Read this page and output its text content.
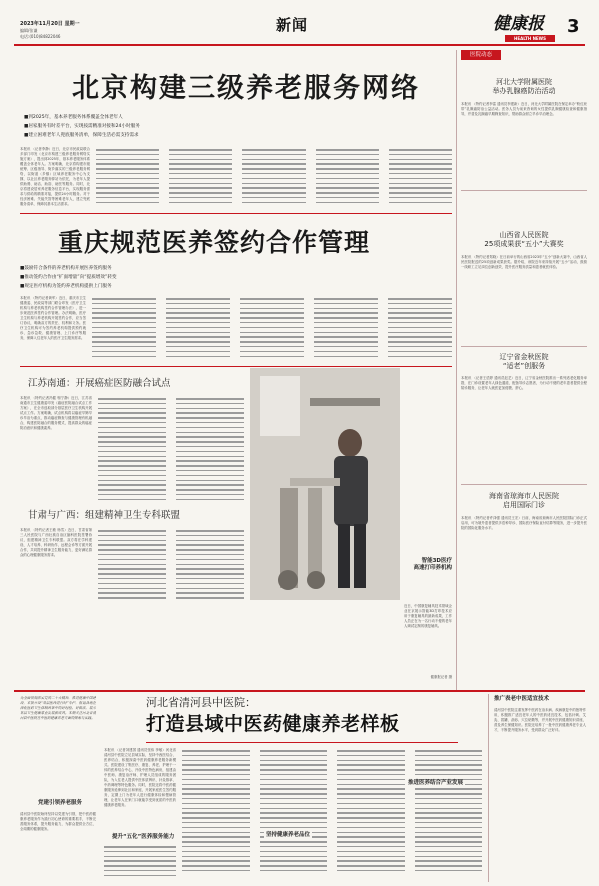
2023年11月20日 星期一
编辑/张谦
电话:(010)84822046
新闻	健康报
HEALTH NEWS
3
北京构建三级养老服务网络
■到2025年，基本养老服务体系覆盖全体老年人
■居家服务有时差平台，实现按需精准对接和24小时服务
■建立困难老年人兜底服务清单，保障生活必需支持需求
本报讯 （记者李静）近日，北京市民政局联合多部门印发《北京市构建三级养老服务网络实施方案》，提出到2025年，基本养老服务体系覆盖全体老年人。方案明确，北京将构建市级统筹、区级指导、街乡落实的三级养老服务网络，以街道（乡镇）区域养老服务中心为支撑，以社区养老服务驿站为依托，为老年人提供助餐、助洁、助浴、助医等服务。同时，北京将建设居家养老服务信息平台，实现服务需求与供给的精准对接，提供24小时服务。对于经济困难、失能失智等困难老年人，建立兜底服务清单，保障其基本生活需求。
重庆规范医养签约合作管理
■鼓励符合条件的养老机构开展医养签约服务
■推动签约合作由“扩面增量”向“提质增效”转变
■规定医疗机构为签约养老机构提供上门服务
本报讯 （特约记者黄军）近日，重庆市卫生健康委、民政局等部门联合印发《医疗卫生机构与养老机构签约合作管理办法》，进一步规范医养签约合作管理。办法明确，医疗卫生机构与养老机构开展签约合作，应当签订协议，明确双方的责任、权利和义务。医疗卫生机构可为签约养老机构提供预约就诊、急诊急救、健康管理、上门诊疗等服务，保障入住老年人的医疗卫生服务需求。
江苏南通：开展癌症医防融合试点
本报讯 （特约记者冯健 驹宁静）近日，江苏省南通市卫生健康委印发《癌症医防融合试点工作方案》，在全市选取部分基层医疗卫生机构开展试点工作。方案明确，试点机构将以癌症早筛早诊早治为重点，推动癌症筛查与健康管理有机融合，构建医防融合的服务模式，提高群众的癌症防治意识和健康素养。
甘肃与广西：组建精神卫生专科联盟
本报讯 （特约记者王敏 杨雪）近日，甘肃省第三人民医院与广西壮族自治区脑科医院签署协议，组建精神卫生专科联盟。双方将在学科建设、人才培养、科研协作、远程会诊等方面开展合作，共同提升精神卫生服务能力，更好满足群众的心理健康服务需求。
智能3D医疗
高速打印养机构
近日，中国康复辅具技术领域企业在京展示智能3D打印技术应用于康复辅具的最新成果，工作人员正在为一名行动不便的老年人调试定制的康复辅具。
健康报记者 摄
医院动态
河北大学附属医院
举办乳腺癌防治活动
本报讯 （特约记者李雷 通讯员李建新）近日，河北大学附属医院在保定举办“粉红丝带”乳腺癌防治公益活动。医务人员为前来咨询的女性提供乳腺健康检查和健康指导，并普及乳腺癌早期筛查知识，帮助群众树立早诊早治理念。
山西省人民医院
25项成果获“五小”大赛奖
本报讯 （特约记者郑晓）在日前举行的山西省2023年“五小”创新大赛中，山西省人民医院报送的25项创新成果获奖。据介绍，该院近年来持续开展“五小”活动，鼓励一线职工立足岗位创新创效，提升医疗服务质量和患者就医体验。
辽宁省金秋医院
“适老”创服务
本报讯 （记者王语婷 通讯员赵艺）近日，辽宁省金秋医院推出一系列适老化服务举措，在门诊设置老年人绿色通道，配备导诊志愿者，为行动不便的老年患者提供全程陪诊服务，让老年人就医更加便捷、舒心。
海南省琼海市人民医院
启用国际门诊
本报讯 （特约记者许泽强 通讯员王宏）日前，海南省琼海市人民医院国际门诊正式启用，可为境外患者提供多语种导诊、国际医疗保险直付结算等服务，进一步提升医院的国际化服务水平。
为全面贯彻落实党的二十大精神，推进健康中国建设，本报开设“基层医改进行时”专栏，报道各地在深化医药卫生体制改革中的好经验、好做法，展示基层卫生健康事业发展新成效。本期关注河北省清河县中医院在中医药健康养老方面的探索与实践。
党建引领养老服务
清河县中医院始终坚持以党建为引领，把中医药健康养老服务作为践行初心使命的重要抓手，不断完善服务体系，提升服务能力，为群众提供全方位、全周期的健康服务。
河北省清河县中医院：
打造县域中医药健康养老样板
本报讯 （记者刘建国 通讯员张伟 李敏）河北省清河县中医院立足县域实际，坚持中西医结合、医养结合，积极探索中医药健康养老服务新模式。医院建设了集医疗、康复、养老、护理于一体的医养结合中心，开设中医特色病房，组建由中医师、康复治疗师、护理人员组成的服务团队，为入住老人提供中医体质辨识、针灸推拿、中药调理等特色服务。同时，医院还将中医药健康服务延伸到社区和家庭，开展家庭医生签约服务，定期上门为老年人进行健康体检和慢病管理，让老年人在家门口就能享受到优质的中医药健康养老服务。
提升“五化”医养服务能力	坚持健康养老品位
推进医养结合产业发展
推广表老中医适宜技术
清河县中医院注重发挥中医药在治未病、疾病康复中的独特作用，积极推广适宜老年人的中医药适宜技术，包括针刺、艾灸、拔罐、刮痧、穴位贴敷等，并开展中医药健康知识讲座，普及养生保健知识。医院还培养了一批中医药健康养老专业人才，不断提升服务水平，受到群众广泛好评。
